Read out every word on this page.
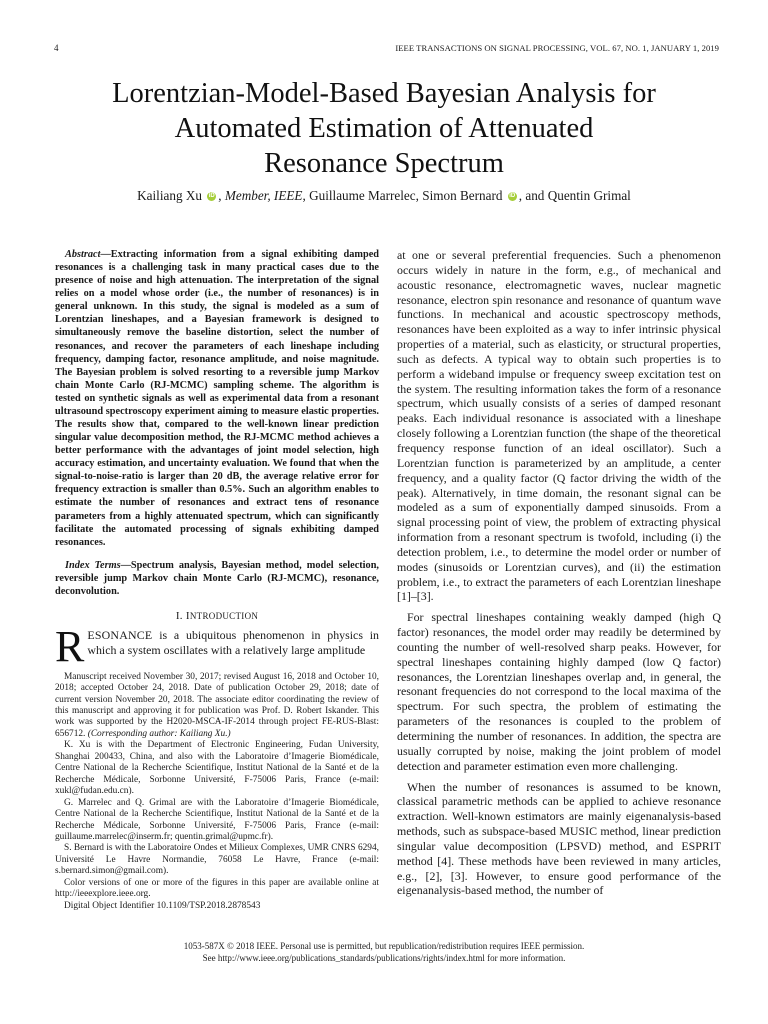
4	IEEE TRANSACTIONS ON SIGNAL PROCESSING, VOL. 67, NO. 1, JANUARY 1, 2019
Lorentzian-Model-Based Bayesian Analysis for
Automated Estimation of Attenuated
Resonance Spectrum
Kailiang Xu iD , Member, IEEE, Guillaume Marrelec, Simon Bernard iD , and Quentin Grimal

Abstract—Extracting information from a signal exhibiting damped resonances is a challenging task in many practical cases due to the presence of noise and high attenuation. The interpretation of the signal relies on a model whose order (i.e., the number of resonances) is in general unknown. In this study, the signal is modeled as a sum of Lorentzian lineshapes, and a Bayesian framework is designed to simultaneously remove the baseline distortion, select the number of resonances, and recover the parameters of each lineshape including frequency, damping factor, resonance amplitude, and noise magnitude. The Bayesian problem is solved resorting to a reversible jump Markov chain Monte Carlo (RJ-MCMC) sampling scheme. The algorithm is tested on synthetic signals as well as experimental data from a resonant ultrasound spectroscopy experiment aiming to measure elastic properties. The results show that, compared to the well-known linear prediction singular value decomposition method, the RJ-MCMC method achieves a better performance with the advantages of joint model selection, high accuracy estimation, and uncertainty evaluation. We found that when the signal-to-noise-ratio is larger than 20 dB, the average relative error for frequency extraction is smaller than 0.5%. Such an algorithm enables to estimate the number of resonances and extract tens of resonance parameters from a highly attenuated spectrum, which can significantly facilitate the automated processing of signals exhibiting damped resonances.

Index Terms—Spectrum analysis, Bayesian method, model selection, reversible jump Markov chain Monte Carlo (RJ-MCMC), resonance, deconvolution.

I. INTRODUCTION

RESONANCE is a ubiquitous phenomenon in physics in which a system oscillates with a relatively large amplitude

Manuscript received November 30, 2017; revised August 16, 2018 and October 10, 2018; accepted October 24, 2018. Date of publication October 29, 2018; date of current version November 20, 2018. The associate editor coordinating the review of this manuscript and approving it for publication was Prof. D. Robert Iskander. This work was supported by the H2020-MSCA-IF-2014 through project FE-RUS-Blast: 656712. (Corresponding author: Kailiang Xu.)

K. Xu is with the Department of Electronic Engineering, Fudan University, Shanghai 200433, China, and also with the Laboratoire d’Imagerie Biomédicale, Centre National de la Recherche Scientifique, Institut National de la Santé et de la Recherche Médicale, Sorbonne Université, F-75006 Paris, France (e-mail: xukl@fudan.edu.cn).

G. Marrelec and Q. Grimal are with the Laboratoire d’Imagerie Biomédicale, Centre National de la Recherche Scientifique, Institut National de la Santé et de la Recherche Médicale, Sorbonne Université, F-75006 Paris, France (e-mail: guillaume.marrelec@inserm.fr; quentin.grimal@upmc.fr).

S. Bernard is with the Laboratoire Ondes et Milieux Complexes, UMR CNRS 6294, Université Le Havre Normandie, 76058 Le Havre, France (e-mail: s.bernard.simon@gmail.com).

Color versions of one or more of the figures in this paper are available online at http://ieeexplore.ieee.org.

Digital Object Identifier 10.1109/TSP.2018.2878543

at one or several preferential frequencies. Such a phenomenon occurs widely in nature in the form, e.g., of mechanical and acoustic resonance, electromagnetic waves, nuclear magnetic resonance, electron spin resonance and resonance of quantum wave functions. In mechanical and acoustic spectroscopy methods, resonances have been exploited as a way to infer intrinsic physical properties of a material, such as elasticity, or structural properties, such as defects. A typical way to obtain such properties is to perform a wideband impulse or frequency sweep excitation test on the system. The resulting information takes the form of a resonance spectrum, which usually consists of a series of damped resonant peaks. Each individual resonance is associated with a lineshape closely following a Lorentzian function (the shape of the theoretical frequency response function of an ideal oscillator). Such a Lorentzian function is parameterized by an amplitude, a center frequency, and a quality factor (Q factor driving the width of the peak). Alternatively, in time domain, the resonant signal can be modeled as a sum of exponentially damped sinusoids. From a signal processing point of view, the problem of extracting physical information from a resonant spectrum is twofold, including (i) the detection problem, i.e., to determine the model order or number of modes (sinusoids or Lorentzian curves), and (ii) the estimation problem, i.e., to extract the parameters of each Lorentzian lineshape [1]–[3].

For spectral lineshapes containing weakly damped (high Q factor) resonances, the model order may readily be determined by counting the number of well-resolved sharp peaks. However, for spectral lineshapes containing highly damped (low Q factor) resonances, the Lorentzian lineshapes overlap and, in general, the resonant frequencies do not correspond to the local maxima of the spectrum. For such spectra, the problem of estimating the parameters of the resonances is coupled to the problem of determining the number of resonances. In addition, the spectra are usually corrupted by noise, making the joint problem of model detection and parameter estimation even more challenging.

When the number of resonances is assumed to be known, classical parametric methods can be applied to achieve resonance extraction. Well-known estimators are mainly eigenanalysis-based methods, such as subspace-based MUSIC method, linear prediction singular value decomposition (LPSVD) method, and ESPRIT method [4]. These methods have been reviewed in many articles, e.g., [2], [3]. However, to ensure good performance of the eigenanalysis-based method, the number of

1053-587X © 2018 IEEE. Personal use is permitted, but republication/redistribution requires IEEE permission.
See http://www.ieee.org/publications_standards/publications/rights/index.html for more information.
